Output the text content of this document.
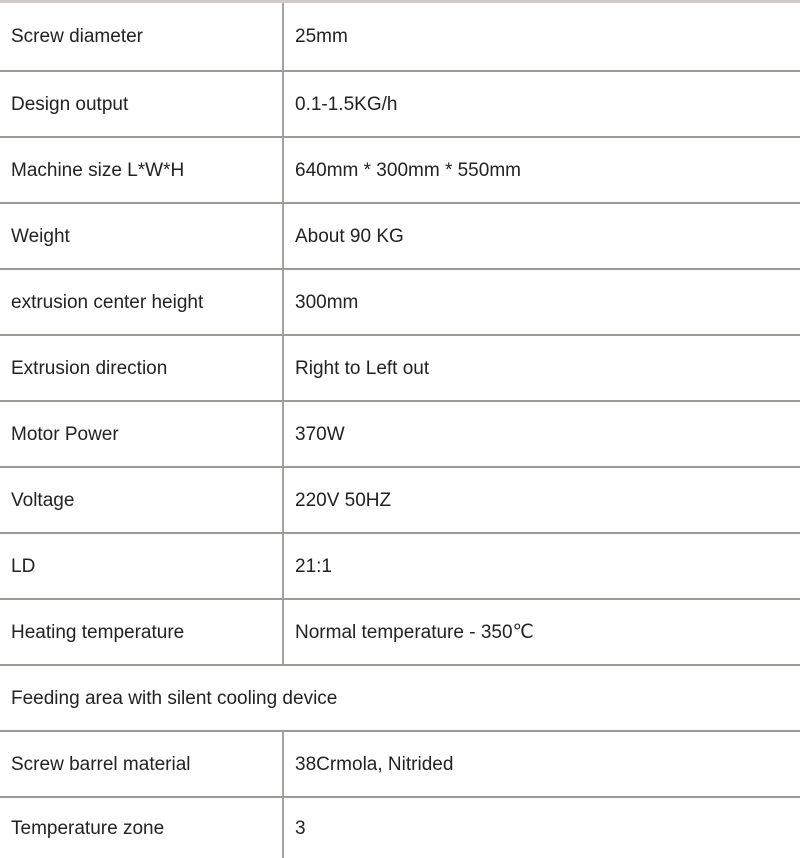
Screw diameter	25mm
Design output	0.1-1.5KG/h
Machine size L*W*H	640mm * 300mm * 550mm
Weight	About 90 KG
extrusion center height	300mm
Extrusion direction	Right to Left out
Motor Power	370W
Voltage	220V 50HZ
LD	21:1
Heating temperature	Normal temperature - 350℃
Feeding area with silent cooling device
Screw barrel material	38Crmola, Nitrided
Temperature zone	3
